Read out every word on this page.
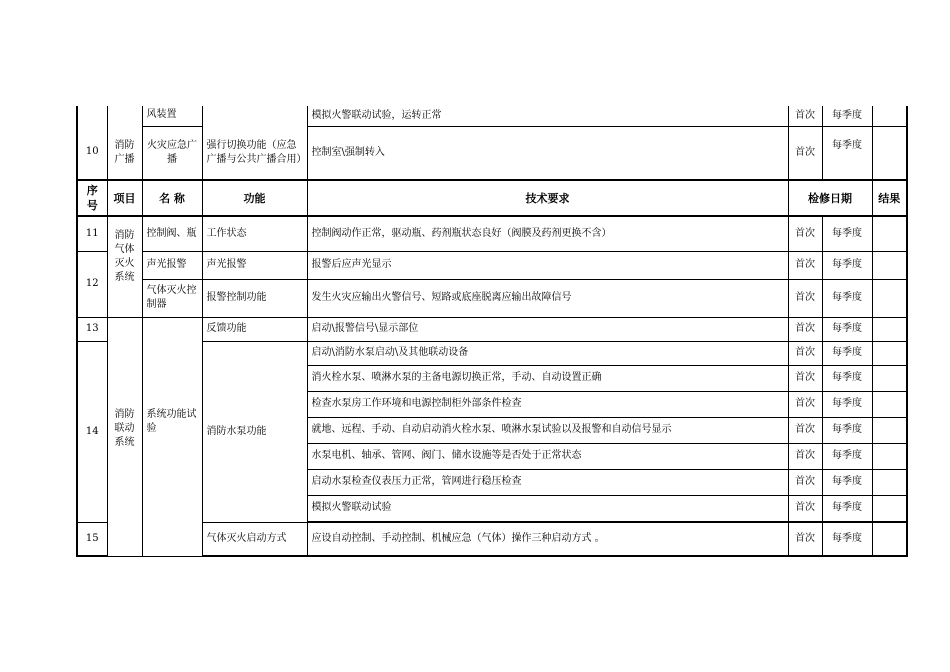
		风装置		模拟火警联动试验，运转正常	首次	每季度	
10	消防广播	火灾应急广播	强行切换功能（应急广播与公共广播合用）	控制室\强制转入	首次	每季度	
序号	项目	名 称	功能	技术要求	检修日期		结果
11	消防气体灭火系统	控制阀、瓶	工作状态	控制阀动作正常，驱动瓶、药剂瓶状态良好（阀膜及药剂更换不含）	首次	每季度	
12		声光报警	声光报警	报警后应声光显示	首次	每季度	
		气体灭火控制器	报警控制功能	发生火灾应输出火警信号、短路或底座脱离应输出故障信号	首次	每季度	
13	消防联动系统	系统功能试验	反馈功能	启动\报警信号\显示部位	首次	每季度	
14			消防水泵功能	启动\消防水泵启动\及其他联动设备	首次	每季度	
				消火栓水泵、喷淋水泵的主备电源切换正常，手动、自动设置正确	首次	每季度	
				检查水泵房工作环境和电源控制柜外部条件检查	首次	每季度	
				就地、远程、手动、自动启动消火栓水泵、喷淋水泵试验以及报警和自动信号显示	首次	每季度	
				水泵电机、轴承、管网、阀门、储水设施等是否处于正常状态	首次	每季度	
				启动水泵检查仪表压力正常，管网进行稳压检查	首次	每季度	
				模拟火警联动试验	首次	每季度	

15			气体灭火启动方式	应设自动控制、手动控制、机械应急（气体）操作三种启动方式 。	首次	每季度	
